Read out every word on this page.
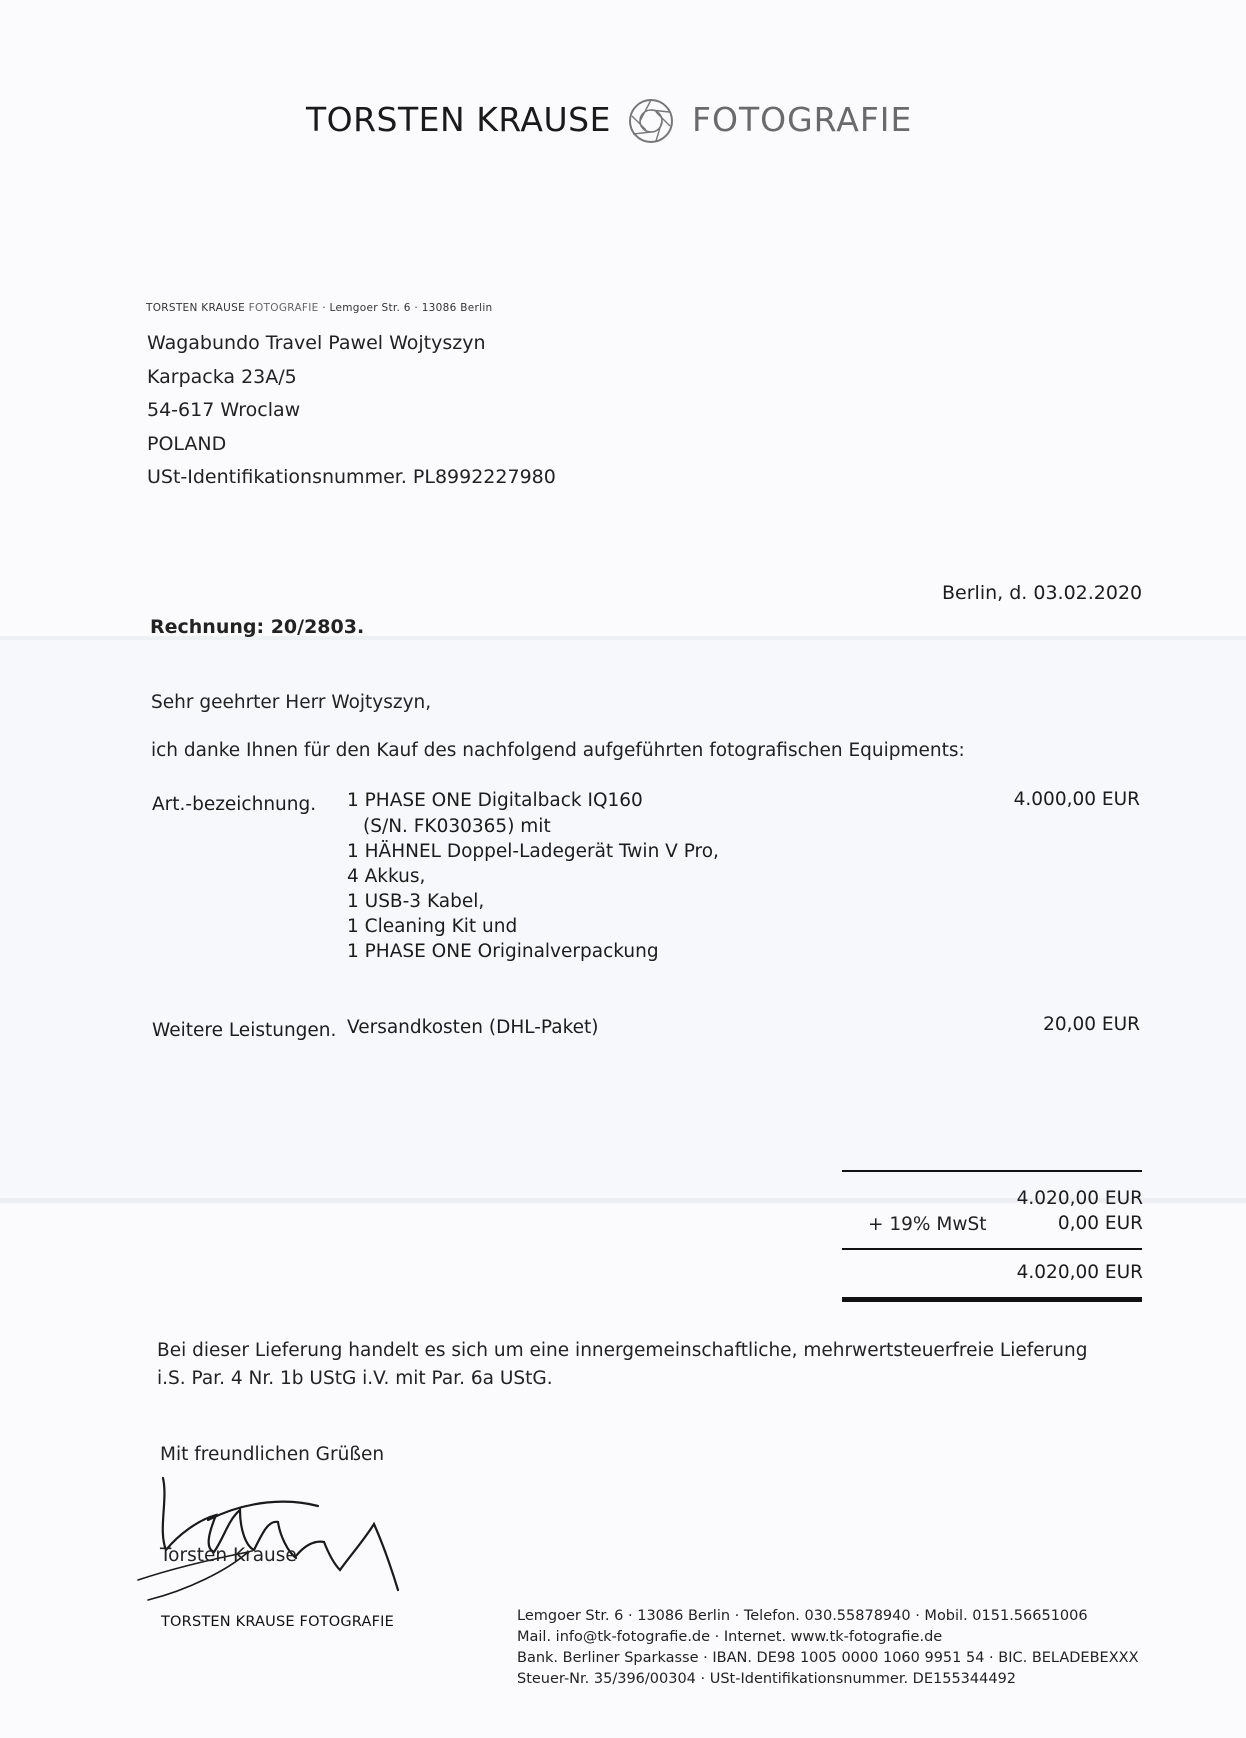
TORSTEN KRAUSE FOTOGRAFIE
TORSTEN KRAUSE FOTOGRAFIE · Lemgoer Str. 6 · 13086 Berlin
Wagabundo Travel Pawel Wojtyszyn
Karpacka 23A/5
54-617 Wroclaw
POLAND
USt-Identifikationsnummer. PL8992227980
Berlin, d. 03.02.2020
Rechnung: 20/2803.
Sehr geehrter Herr Wojtyszyn,
ich danke Ihnen für den Kauf des nachfolgend aufgeführten fotografischen Equipments:
Art.-bezeichnung. 1 PHASE ONE Digitalback IQ160
(S/N. FK030365) mit
1 HÄHNEL Doppel-Ladegerät Twin V Pro,
4 Akkus,
1 USB-3 Kabel,
1 Cleaning Kit und
1 PHASE ONE Originalverpackung
4.000,00 EUR
Weitere Leistungen. Versandkosten (DHL-Paket)	20,00 EUR
4.020,00 EUR
+ 19% MwSt	0,00 EUR
4.020,00 EUR
Bei dieser Lieferung handelt es sich um eine innergemeinschaftliche, mehrwertsteuerfreie Lieferung
i.S. Par. 4 Nr. 1b UStG i.V. mit Par. 6a UStG.
Mit freundlichen Grüßen
Torsten Krause
TORSTEN KRAUSE FOTOGRAFIE	Lemgoer Str. 6 · 13086 Berlin · Telefon. 030.55878940 · Mobil. 0151.56651006
Mail. info@tk-fotografie.de · Internet. www.tk-fotografie.de
Bank. Berliner Sparkasse · IBAN. DE98 1005 0000 1060 9951 54 · BIC. BELADEBEXXX
Steuer-Nr. 35/396/00304 · USt-Identifikationsnummer. DE155344492
